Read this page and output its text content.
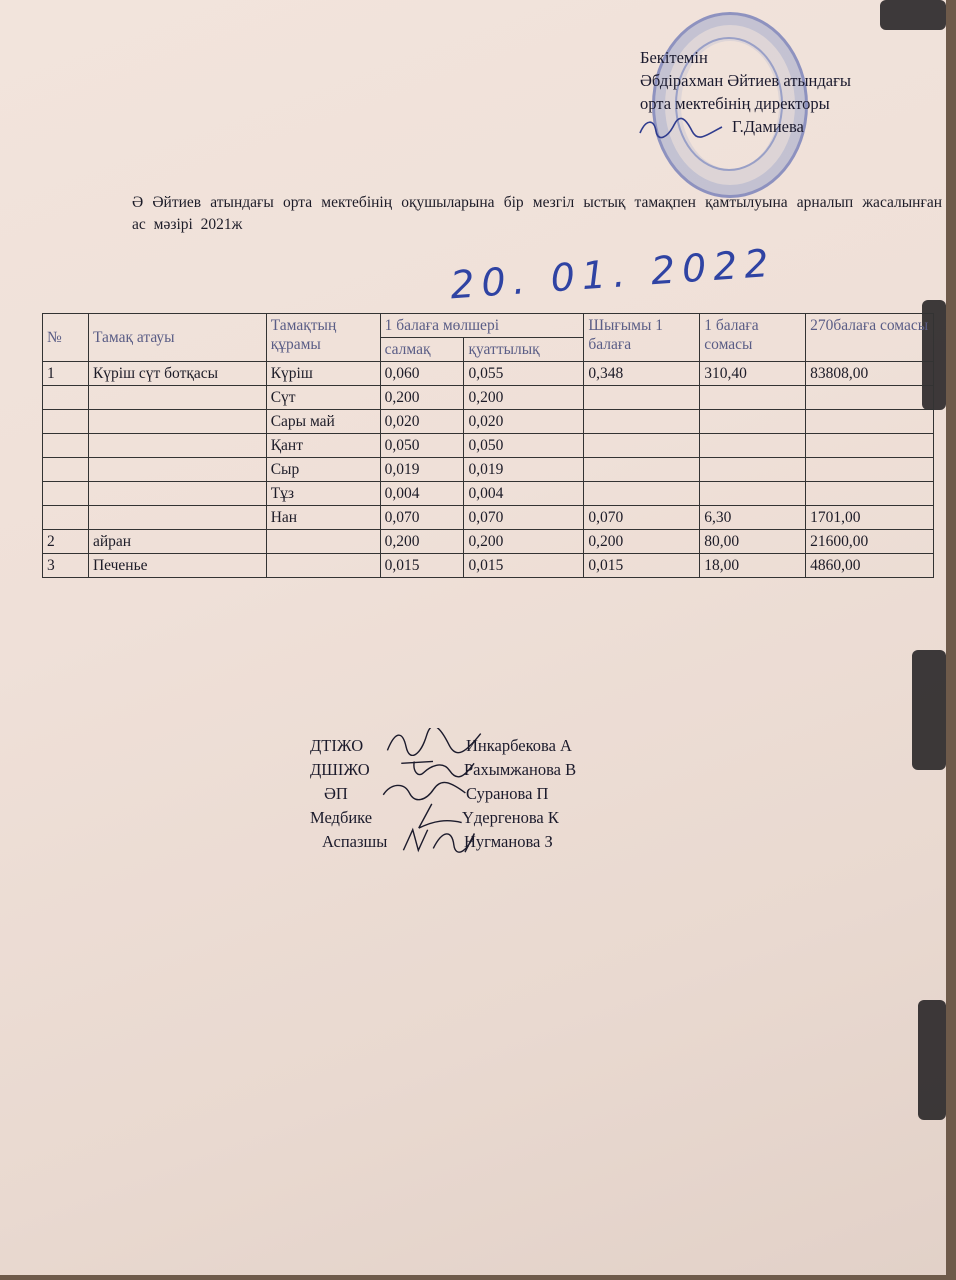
Бекітемін
Әбдірахман Әйтиев атындағы
орта мектебінің директоры
Г.Дамиева
Ә Әйтиев атындағы орта мектебінің оқушыларына бір мезгіл ыстық тамақпен қамтылуына арналып жасалынған ас мәзірі 2021ж
20. 01. 2022
№	Тамақ атауы	Тамақтың құрамы	1 балаға мөлшері		Шығымы 1 балаға	1 балаға сомасы	270балаға сомасы
			салмақ	қуаттылық			
1	Күріш сүт ботқасы	Күріш	0,060	0,055	0,348	310,40	83808,00
		Сүт	0,200	0,200			
		Сары май	0,020	0,020			
		Қант	0,050	0,050			
		Сыр	0,019	0,019			
		Тұз	0,004	0,004			
		Нан	0,070	0,070	0,070	6,30	1701,00
2	айран		0,200	0,200	0,200	80,00	21600,00
3	Печенье		0,015	0,015	0,015	18,00	4860,00
ДТІЖО	Инкарбекова А
ДШІЖО	Рахымжанова В
ӘП	Суранова П
Медбике	Үдергенова К
Аспазшы	Нугманова З
